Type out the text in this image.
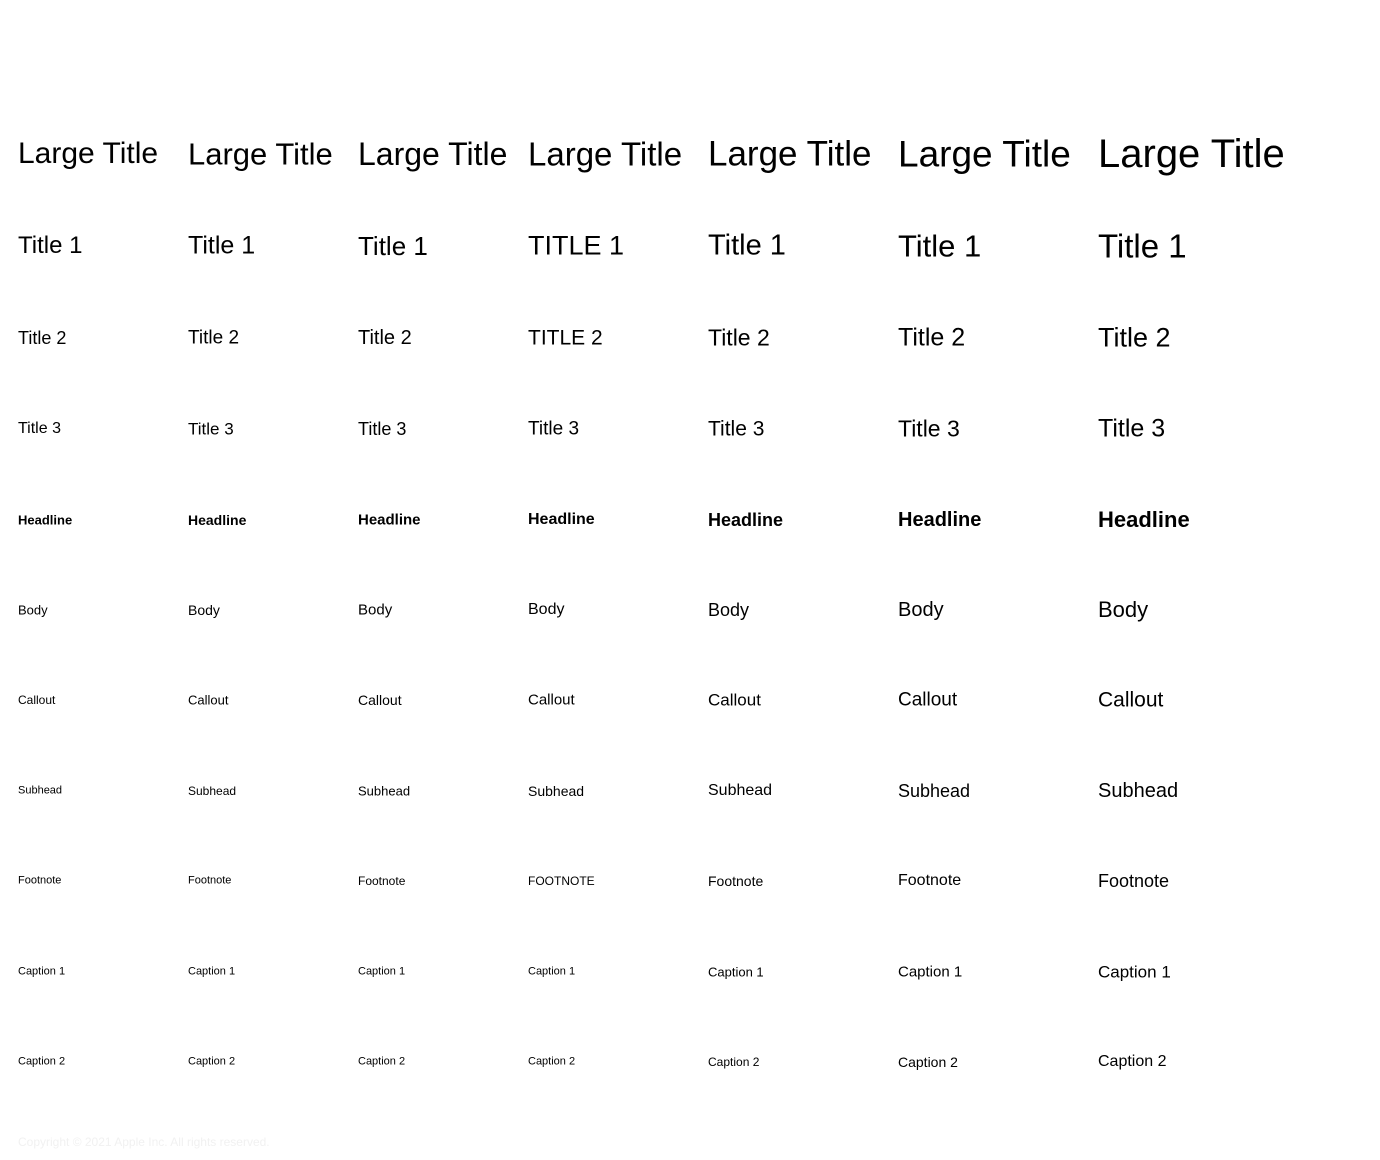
Large Title
Title 1
Title 2
Title 3
Headline
Body
Callout
Subhead
Footnote
Caption 1
Caption 2
Large Title
Title 1
Title 2
Title 3
Headline
Body
Callout
Subhead
Footnote
Caption 1
Caption 2
Large Title
Title 1
Title 2
Title 3
Headline
Body
Callout
Subhead
Footnote
Caption 1
Caption 2
Large Title
TITLE 1
TITLE 2
Title 3
Headline
Body
Callout
Subhead
FOOTNOTE
Caption 1
Caption 2
Large Title
Title 1
Title 2
Title 3
Headline
Body
Callout
Subhead
Footnote
Caption 1
Caption 2
Large Title
Title 1
Title 2
Title 3
Headline
Body
Callout
Subhead
Footnote
Caption 1
Caption 2
Large Title
Title 1
Title 2
Title 3
Headline
Body
Callout
Subhead
Footnote
Caption 1
Caption 2
Copyright © 2021 Apple Inc. All rights reserved.
